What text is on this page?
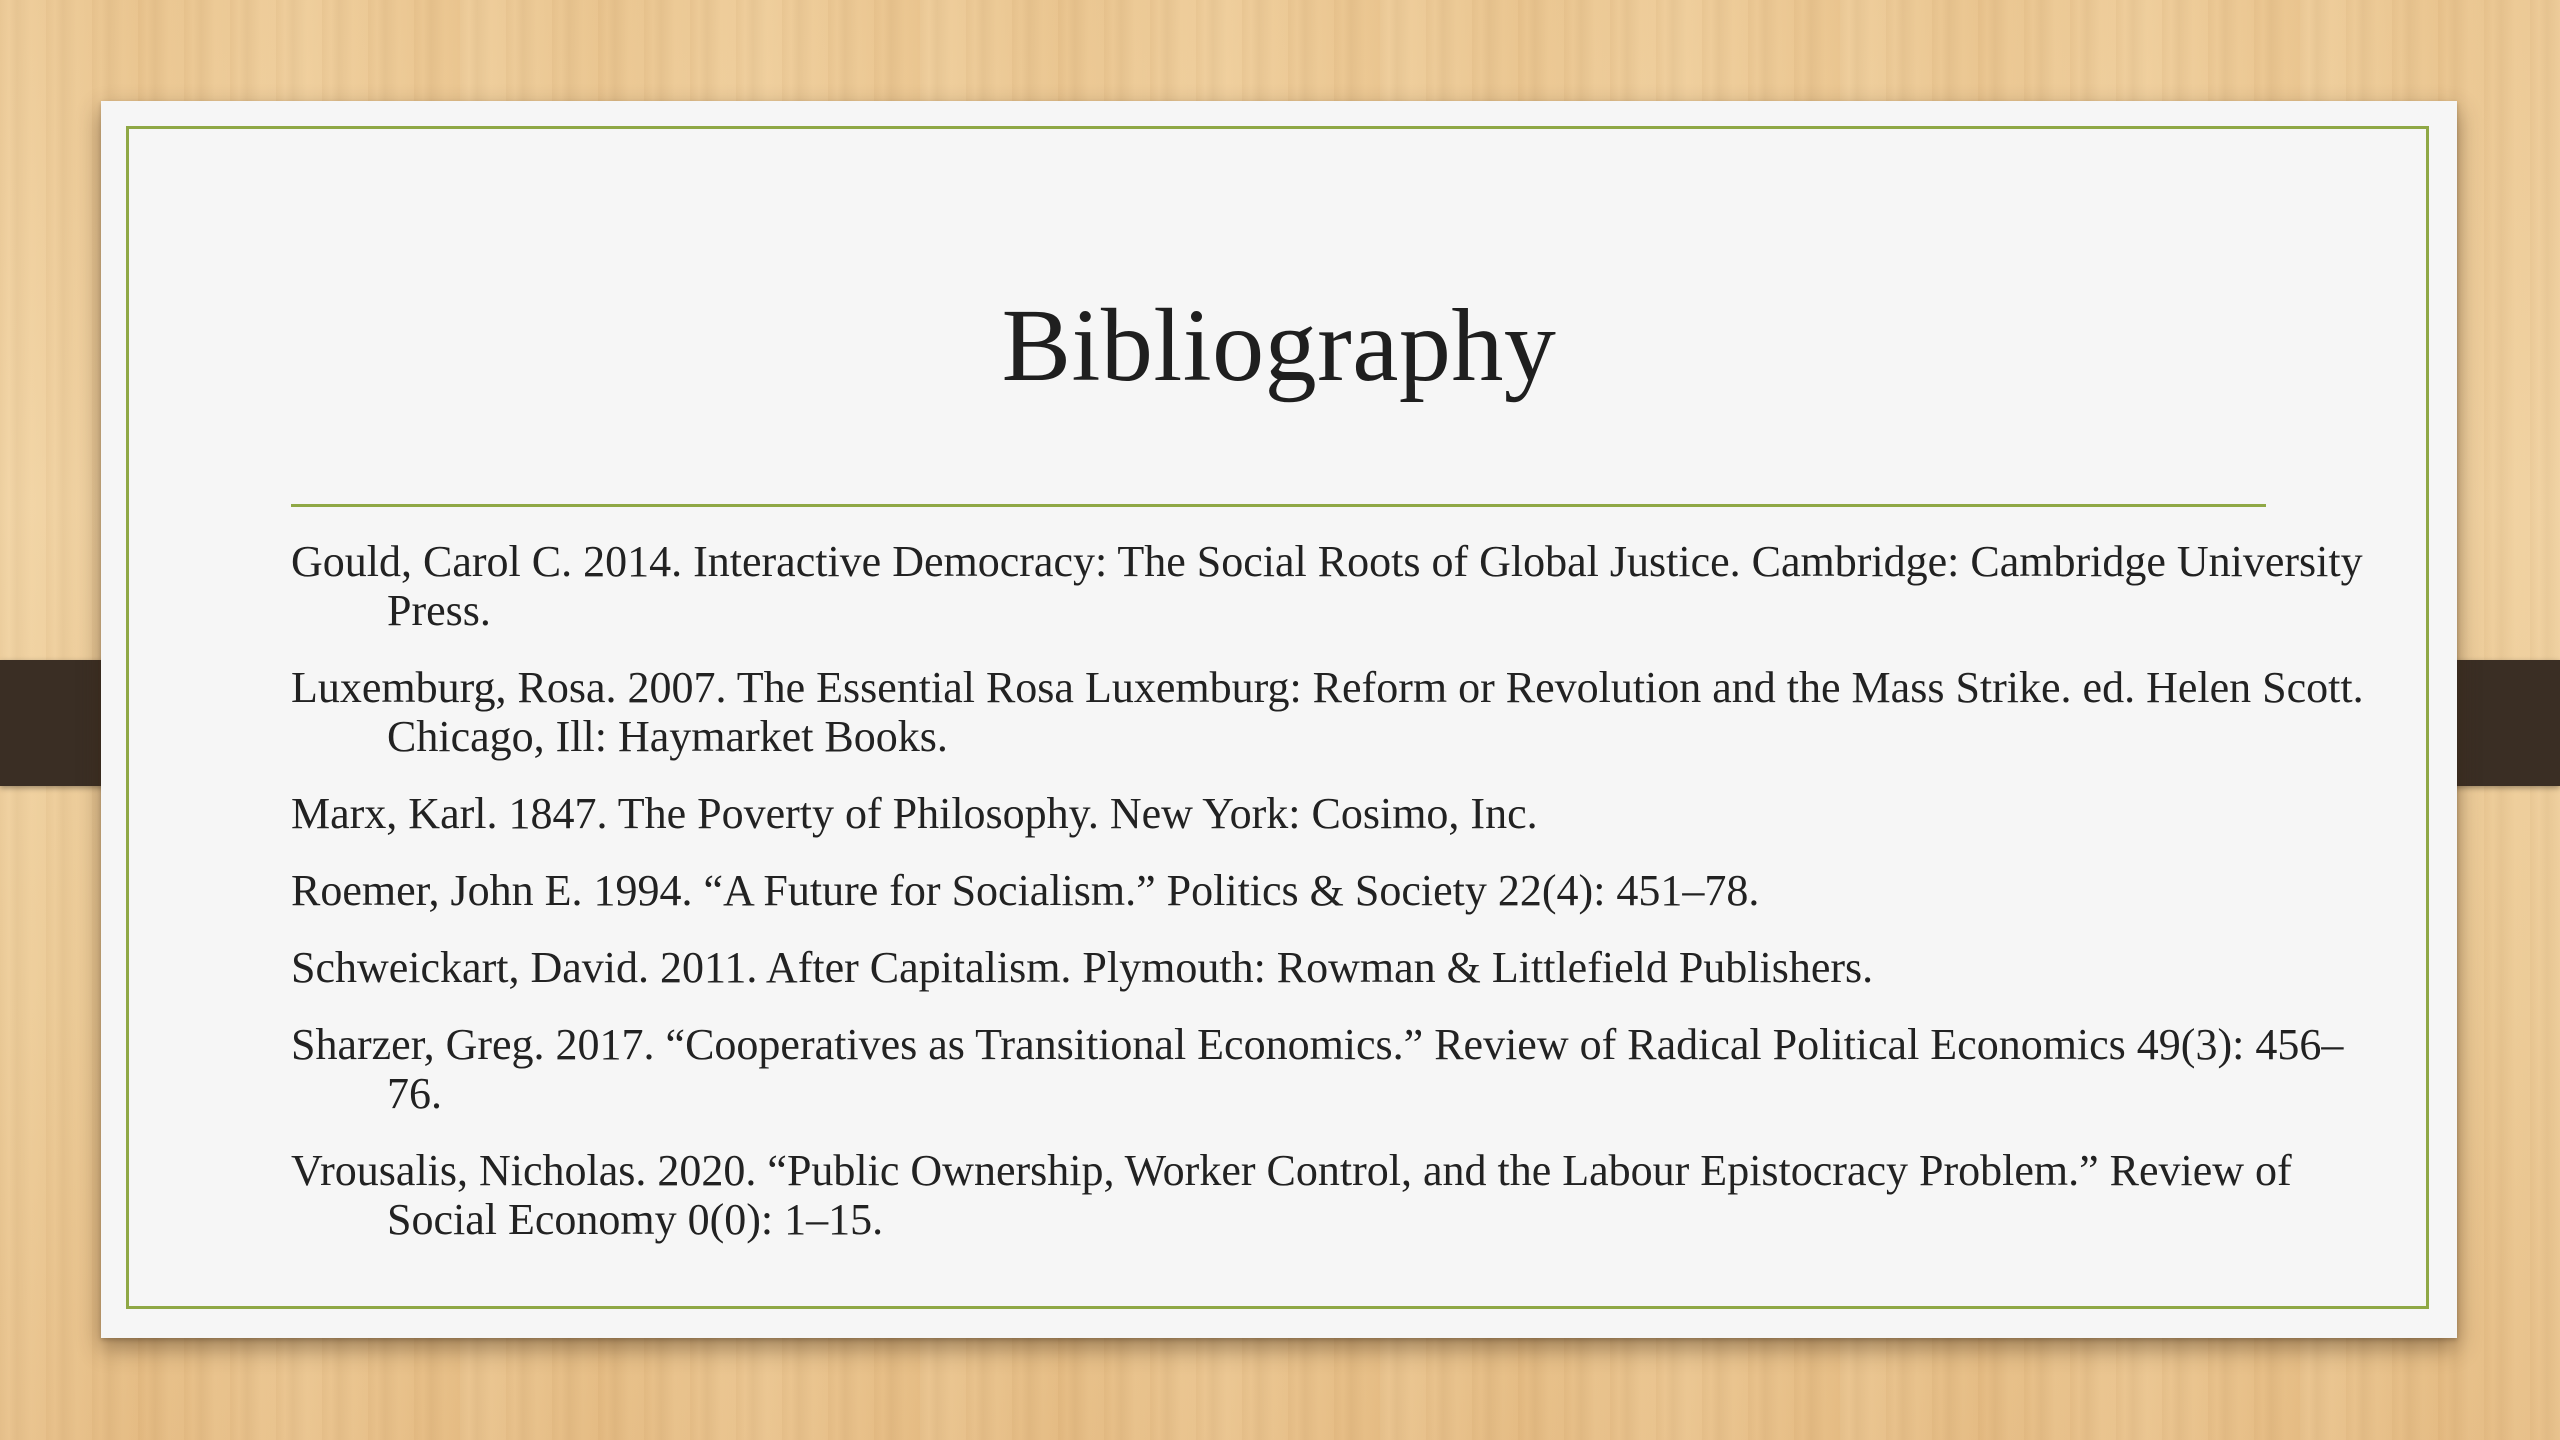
Bibliography
Gould, Carol C. 2014. Interactive Democracy: The Social Roots of Global Justice. Cambridge: Cambridge University Press.
Luxemburg, Rosa. 2007. The Essential Rosa Luxemburg: Reform or Revolution and the Mass Strike. ed. Helen Scott. Chicago, Ill: Haymarket Books.
Marx, Karl. 1847. The Poverty of Philosophy. New York: Cosimo, Inc.
Roemer, John E. 1994. “A Future for Socialism.” Politics & Society 22(4): 451–78.
Schweickart, David. 2011. After Capitalism. Plymouth: Rowman & Littlefield Publishers.
Sharzer, Greg. 2017. “Cooperatives as Transitional Economics.” Review of Radical Political Economics 49(3): 456–76.
Vrousalis, Nicholas. 2020. “Public Ownership, Worker Control, and the Labour Epistocracy Problem.” Review of Social Economy 0(0): 1–15.
